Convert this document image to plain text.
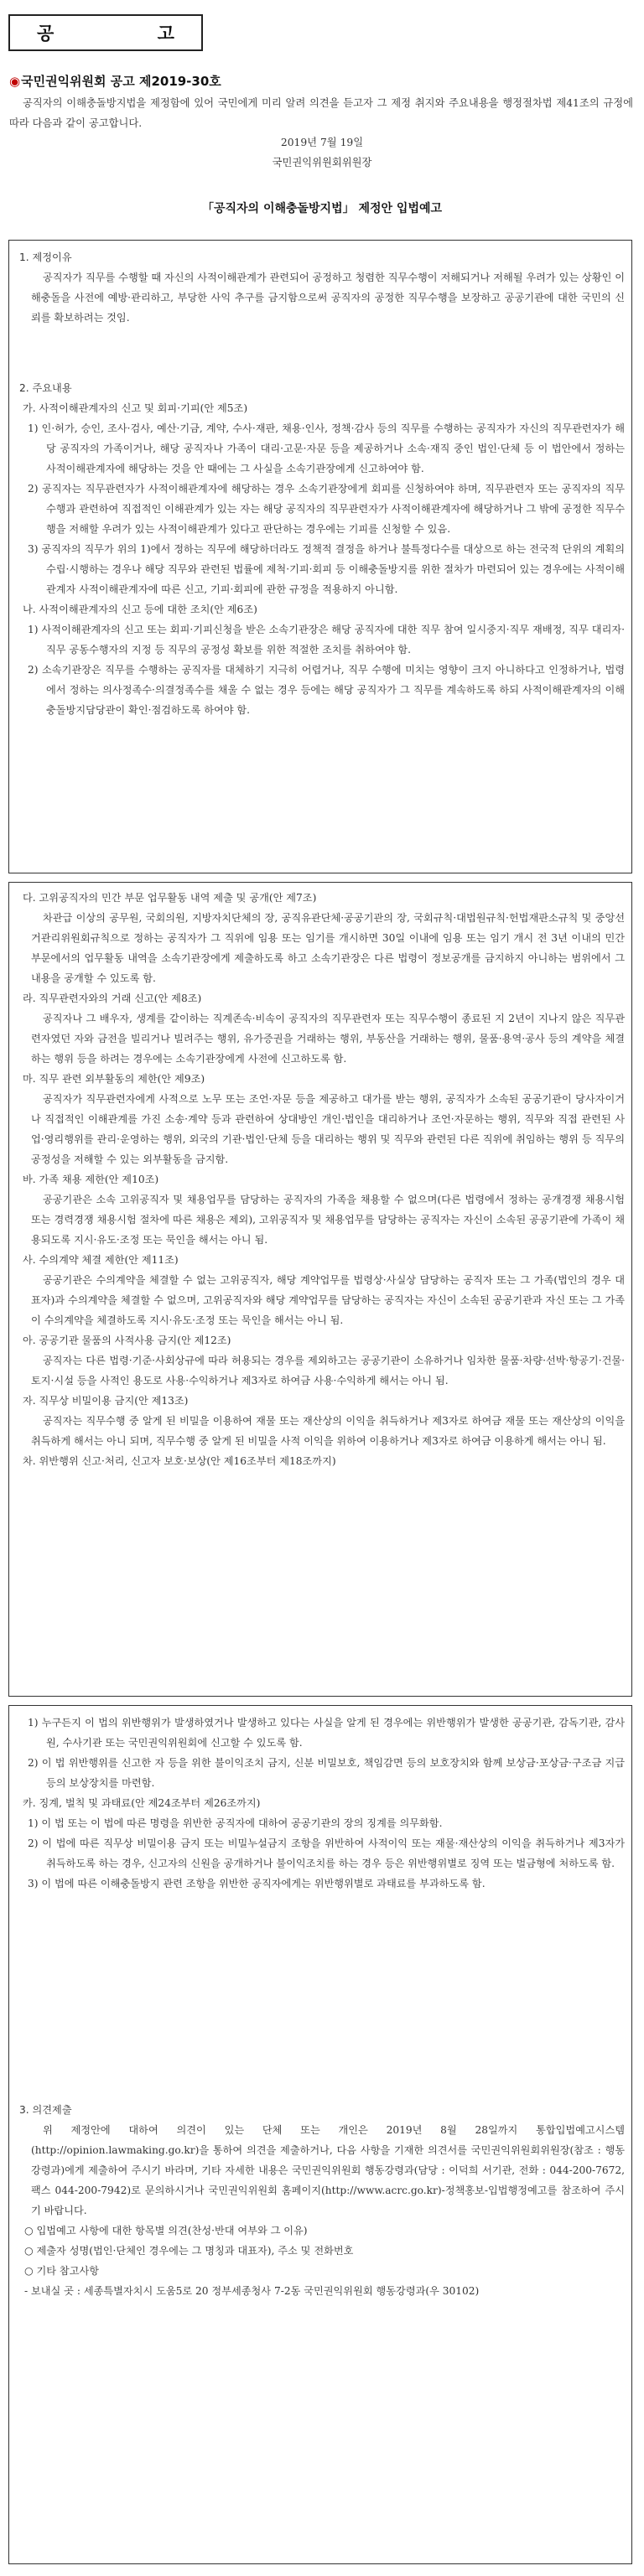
공 고
◉국민권익위원회 공고 제2019-30호
공직자의 이해충돌방지법을 제정함에 있어 국민에게 미리 알려 의견을 듣고자 그 제정 취지와 주요내용을 행정절차법 제41조의 규정에 따라 다음과 같이 공고합니다.
2019년 7월 19일
국민권익위원회위원장
「공직자의 이해충돌방지법」 제정안 입법예고
1. 제정이유
공직자가 직무를 수행할 때 자신의 사적이해관계가 관련되어 공정하고 청렴한 직무수행이 저해되거나 저해될 우려가 있는 상황인 이해충돌을 사전에 예방·관리하고, 부당한 사익 추구를 금지함으로써 공직자의 공정한 직무수행을 보장하고 공공기관에 대한 국민의 신뢰를 확보하려는 것임.
2. 주요내용
가. 사적이해관계자의 신고 및 회피·기피(안 제5조)
1) 인·허가, 승인, 조사·검사, 예산·기금, 계약, 수사·재판, 채용·인사, 정책·감사 등의 직무를 수행하는 공직자가 자신의 직무관련자가 해당 공직자의 가족이거나, 해당 공직자나 가족이 대리·고문·자문 등을 제공하거나 소속·재직 중인 법인·단체 등 이 법안에서 정하는 사적이해관계자에 해당하는 것을 안 때에는 그 사실을 소속기관장에게 신고하여야 함.
2) 공직자는 직무관련자가 사적이해관계자에 해당하는 경우 소속기관장에게 회피를 신청하여야 하며, 직무관련자 또는 공직자의 직무 수행과 관련하여 직접적인 이해관계가 있는 자는 해당 공직자의 직무관련자가 사적이해관계자에 해당하거나 그 밖에 공정한 직무수행을 저해할 우려가 있는 사적이해관계가 있다고 판단하는 경우에는 기피를 신청할 수 있음.
3) 공직자의 직무가 위의 1)에서 정하는 직무에 해당하더라도 정책적 결정을 하거나 불특정다수를 대상으로 하는 전국적 단위의 계획의 수립·시행하는 경우나 해당 직무와 관련된 법률에 제척·기피·회피 등 이해충돌방지를 위한 절차가 마련되어 있는 경우에는 사적이해관계자 사적이해관계자에 따른 신고, 기피·회피에 관한 규정을 적용하지 아니함.
나. 사적이해관계자의 신고 등에 대한 조치(안 제6조)
1) 사적이해관계자의 신고 또는 회피·기피신청을 받은 소속기관장은 해당 공직자에 대한 직무 참여 일시중지·직무 재배정, 직무 대리자·직무 공동수행자의 지정 등 직무의 공정성 확보를 위한 적절한 조치를 취하여야 함.
2) 소속기관장은 직무를 수행하는 공직자를 대체하기 지극히 어렵거나, 직무 수행에 미치는 영향이 크지 아니하다고 인정하거나, 법령에서 정하는 의사정족수·의결정족수를 채울 수 없는 경우 등에는 해당 공직자가 그 직무를 계속하도록 하되 사적이해관계자의 이해충돌방지담당관이 확인·점검하도록 하여야 함.
다. 고위공직자의 민간 부문 업무활동 내역 제출 및 공개(안 제7조)
차관급 이상의 공무원, 국회의원, 지방자치단체의 장, 공직유관단체·공공기관의 장, 국회규칙·대법원규칙·헌법재판소규칙 및 중앙선거관리위원회규칙으로 정하는 공직자가 그 직위에 임용 또는 임기를 개시하면 30일 이내에 임용 또는 임기 개시 전 3년 이내의 민간 부문에서의 업무활동 내역을 소속기관장에게 제출하도록 하고 소속기관장은 다른 법령이 정보공개를 금지하지 아니하는 범위에서 그 내용을 공개할 수 있도록 함.
라. 직무관련자와의 거래 신고(안 제8조)
공직자나 그 배우자, 생계를 같이하는 직계존속·비속이 공직자의 직무관련자 또는 직무수행이 종료된 지 2년이 지나지 않은 직무관련자였던 자와 금전을 빌리거나 빌려주는 행위, 유가증권을 거래하는 행위, 부동산을 거래하는 행위, 물품·용역·공사 등의 계약을 체결하는 행위 등을 하려는 경우에는 소속기관장에게 사전에 신고하도록 함.
마. 직무 관련 외부활동의 제한(안 제9조)
공직자가 직무관련자에게 사적으로 노무 또는 조언·자문 등을 제공하고 대가를 받는 행위, 공직자가 소속된 공공기관이 당사자이거나 직접적인 이해관계를 가진 소송·계약 등과 관련하여 상대방인 개인·법인을 대리하거나 조언·자문하는 행위, 직무와 직접 관련된 사업·영리행위를 관리·운영하는 행위, 외국의 기관·법인·단체 등을 대리하는 행위 및 직무와 관련된 다른 직위에 취임하는 행위 등 직무의 공정성을 저해할 수 있는 외부활동을 금지함.
바. 가족 채용 제한(안 제10조)
공공기관은 소속 고위공직자 및 채용업무를 담당하는 공직자의 가족을 채용할 수 없으며(다른 법령에서 정하는 공개경쟁 채용시험 또는 경력경쟁 채용시험 절차에 따른 채용은 제외), 고위공직자 및 채용업무를 담당하는 공직자는 자신이 소속된 공공기관에 가족이 채용되도록 지시·유도·조정 또는 묵인을 해서는 아니 됨.
사. 수의계약 체결 제한(안 제11조)
공공기관은 수의계약을 체결할 수 없는 고위공직자, 해당 계약업무를 법령상·사실상 담당하는 공직자 또는 그 가족(법인의 경우 대표자)과 수의계약을 체결할 수 없으며, 고위공직자와 해당 계약업무를 담당하는 공직자는 자신이 소속된 공공기관과 자신 또는 그 가족이 수의계약을 체결하도록 지시·유도·조정 또는 묵인을 해서는 아니 됨.
아. 공공기관 물품의 사적사용 금지(안 제12조)
공직자는 다른 법령·기준·사회상규에 따라 허용되는 경우를 제외하고는 공공기관이 소유하거나 임차한 물품·차량·선박·항공기·건물·토지·시설 등을 사적인 용도로 사용·수익하거나 제3자로 하여금 사용·수익하게 해서는 아니 됨.
자. 직무상 비밀이용 금지(안 제13조)
공직자는 직무수행 중 알게 된 비밀을 이용하여 재물 또는 재산상의 이익을 취득하거나 제3자로 하여금 재물 또는 재산상의 이익을 취득하게 해서는 아니 되며, 직무수행 중 알게 된 비밀을 사적 이익을 위하여 이용하거나 제3자로 하여금 이용하게 해서는 아니 됨.
차. 위반행위 신고·처리, 신고자 보호·보상(안 제16조부터 제18조까지)
1) 누구든지 이 법의 위반행위가 발생하였거나 발생하고 있다는 사실을 알게 된 경우에는 위반행위가 발생한 공공기관, 감독기관, 감사원, 수사기관 또는 국민권익위원회에 신고할 수 있도록 함.
2) 이 법 위반행위를 신고한 자 등을 위한 불이익조치 금지, 신분 비밀보호, 책임감면 등의 보호장치와 함께 보상금·포상금·구조금 지급 등의 보상장치를 마련함.
카. 징계, 벌칙 및 과태료(안 제24조부터 제26조까지)
1) 이 법 또는 이 법에 따른 명령을 위반한 공직자에 대하여 공공기관의 장의 징계를 의무화함.
2) 이 법에 따른 직무상 비밀이용 금지 또는 비밀누설금지 조항을 위반하여 사적이익 또는 재물·재산상의 이익을 취득하거나 제3자가 취득하도록 하는 경우, 신고자의 신원을 공개하거나 불이익조치를 하는 경우 등은 위반행위별로 징역 또는 벌금형에 처하도록 함.
3) 이 법에 따른 이해충돌방지 관련 조항을 위반한 공직자에게는 위반행위별로 과태료를 부과하도록 함.
3. 의견제출
위 제정안에 대하여 의견이 있는 단체 또는 개인은 2019년 8월 28일까지 통합입법예고시스템(http://opinion.lawmaking.go.kr)을 통하여 의견을 제출하거나, 다음 사항을 기재한 의견서를 국민권익위원회위원장(참조 : 행동강령과)에게 제출하여 주시기 바라며, 기타 자세한 내용은 국민권익위원회 행동강령과(담당 : 이덕희 서기관, 전화 : 044-200-7672, 팩스 044-200-7942)로 문의하시거나 국민권익위원회 홈페이지(http://www.acrc.go.kr)-정책홍보-입법행정예고를 참조하여 주시기 바랍니다.
○ 입법예고 사항에 대한 항목별 의견(찬성·반대 여부와 그 이유)
○ 제출자 성명(법인·단체인 경우에는 그 명칭과 대표자), 주소 및 전화번호
○ 기타 참고사항
- 보내실 곳 : 세종특별자치시 도움5로 20 정부세종청사 7-2동 국민권익위원회 행동강령과(우 30102)
